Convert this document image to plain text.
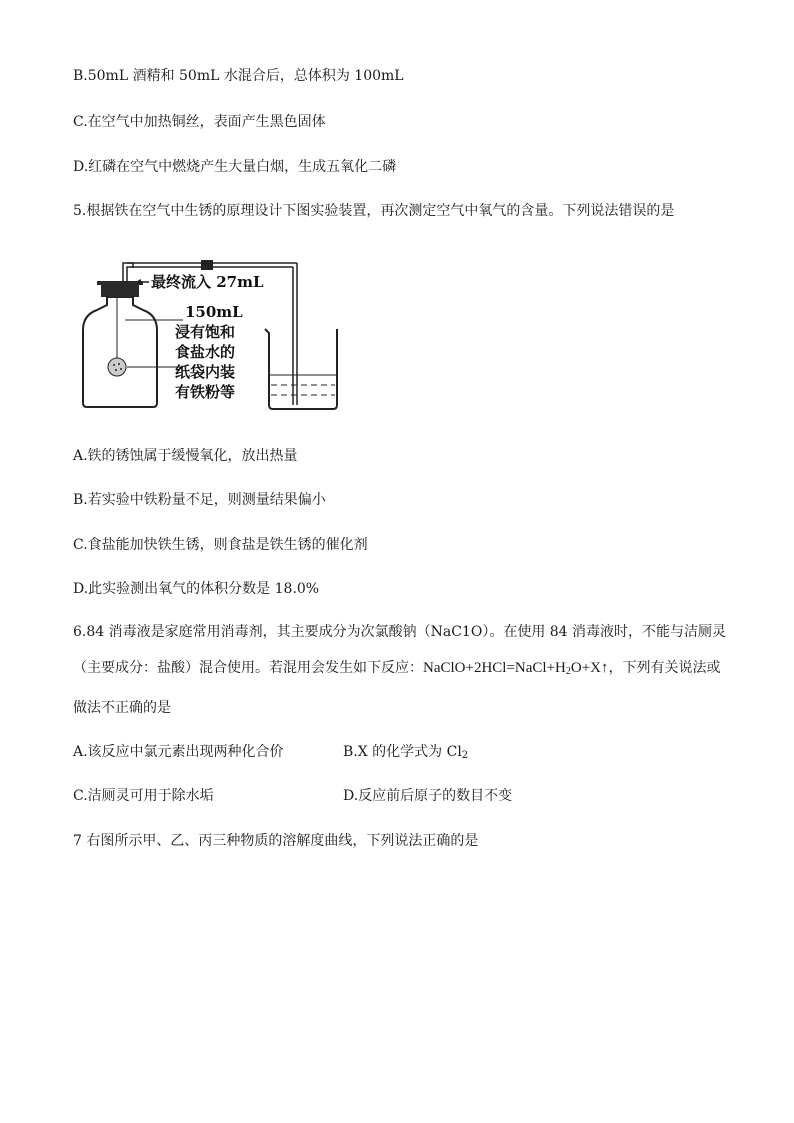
B.50mL 酒精和 50mL 水混合后，总体积为 100mL
C.在空气中加热铜丝，表面产生黑色固体
D.红磷在空气中燃烧产生大量白烟，生成五氧化二磷
5.根据铁在空气中生锈的原理设计下图实验装置，再次测定空气中氧气的含量。下列说法错误的是
最终流入 27mL
150mL
浸有饱和
食盐水的
纸袋内装
有铁粉等
A.铁的锈蚀属于缓慢氧化，放出热量
B.若实验中铁粉量不足，则测量结果偏小
C.食盐能加快铁生锈，则食盐是铁生锈的催化剂
D.此实验测出氧气的体积分数是 18.0%
6.84 消毒液是家庭常用消毒剂，其主要成分为次氯酸钠（NaC1O）。在使用 84 消毒液时，不能与洁厕灵（主要成分：盐酸）混合使用。若混用会发生如下反应：$NaClO+2HCl=NaCl+H_2O+X↑$，下列有关说法或做法不正确的是
A.该反应中氯元素出现两种化合价	B.X 的化学式为 $Cl_2$
C.洁厕灵可用于除水垢	D.反应前后原子的数目不变
7 右图所示甲、乙、丙三种物质的溶解度曲线，下列说法正确的是
